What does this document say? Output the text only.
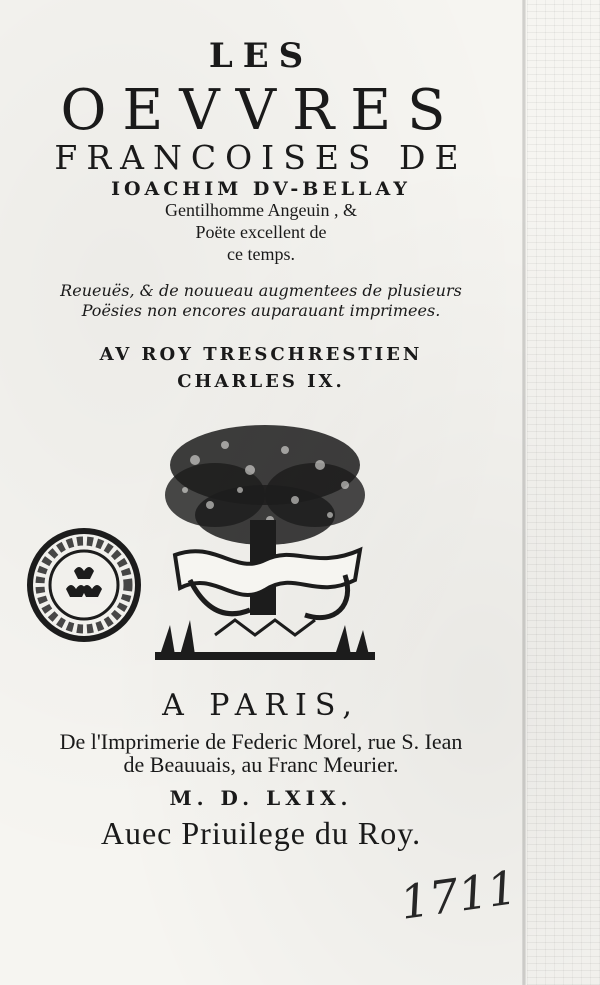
LES
OEVVRES
FRANCOISES DE
IOACHIM DV-BELLAY
Gentilhomme Angeuin , &
Poëte excellent de
ce temps.
Reueuës, & de nouueau augmentees de plusieurs
Poësies non encores auparauant imprimees.
AV ROY TRESCHRESTIEN
CHARLES IX.
A PARIS,
De l'Imprimerie de Federic Morel, rue S. Iean
de Beauuais, au Franc Meurier.
M. D. LXIX.
Auec Priuilege du Roy.
1711
